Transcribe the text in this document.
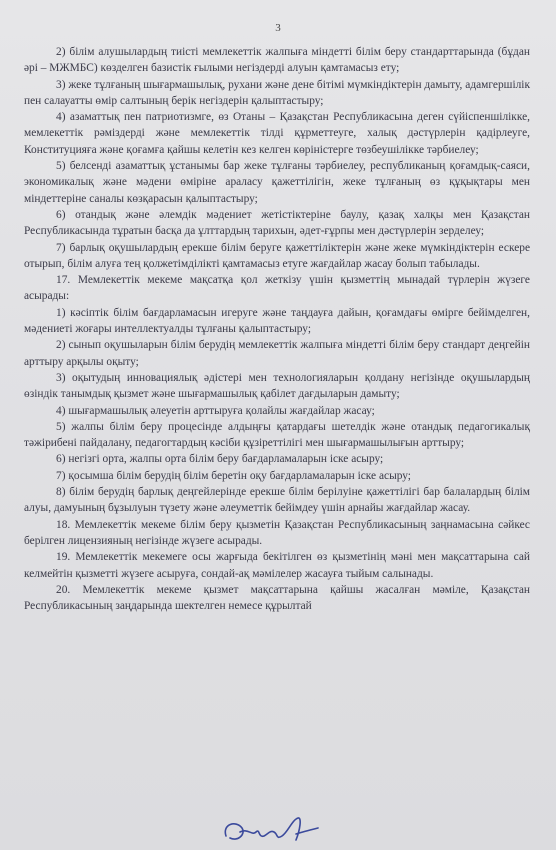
3

2) білім алушылардың тиісті мемлекеттік жалпыға міндетті білім беру стандарттарында (бұдан әрі – МЖМБС) көзделген базистік ғылыми негіздерді алуын қамтамасыз ету;

3) жеке тұлғаның шығармашылық, рухани және дене бітімі мүмкіндіктерін дамыту, адамгершілік пен салауатты өмір салтының берік негіздерін қалыптастыру;

4) азаматтық пен патриотизмге, өз Отаны – Қазақстан Республикасына деген сүйіспеншілікке, мемлекеттік рәміздерді және мемлекеттік тілді құрметтеуге, халық дәстүрлерін қадірлеуге, Конституцияға және қоғамға қайшы келетін кез келген көріністерге төзбеушілікке тәрбиелеу;

5) белсенді азаматтық ұстанымы бар жеке тұлғаны тәрбиелеу, республиканың қоғамдық-саяси, экономикалық және мәдени өміріне араласу қажеттілігін, жеке тұлғаның өз құқықтары мен міндеттеріне саналы көзқарасын қалыптастыру;

6) отандық және әлемдік мәдениет жетістіктеріне баулу, қазақ халқы мен Қазақстан Республикасында тұратын басқа да ұлттардың тарихын, әдет-ғұрпы мен дәстүрлерін зерделеу;

7) барлық оқушылардың ерекше білім беруге қажеттіліктерін және жеке мүмкіндіктерін ескере отырып, білім алуға тең қолжетімділікті қамтамасыз етуге жағдайлар жасау болып табылады.

17. Мемлекеттік мекеме мақсатқа қол жеткізу үшін қызметтің мынадай түрлерін жүзеге асырады:

1) кәсіптік білім бағдарламасын игеруге және таңдауға дайын, қоғамдағы өмірге бейімделген, мәдениеті жоғары интеллектуалды тұлғаны қалыптастыру;

2) сынып оқушыларын білім берудің мемлекеттік жалпыға міндетті білім беру стандарт деңгейін арттыру арқылы оқыту;

3) оқытудың инновациялық әдістері мен технологияларын қолдану негізінде оқушылардың өзіндік танымдық қызмет және шығармашылық қабілет дағдыларын дамыту;

4) шығармашылық әлеуетін арттыруға қолайлы жағдайлар жасау;

5) жалпы білім беру процесінде алдыңғы қатардағы шетелдік және отандық педагогикалық тәжірибені пайдалану, педагогтардың кәсіби құзіреттілігі мен шығармашылығын арттыру;

6) негізгі орта, жалпы орта білім беру бағдарламаларын іске асыру;

7) қосымша білім берудің білім беретін оқу бағдарламаларын іске асыру;

8) білім берудің барлық деңгейлерінде ерекше білім берілуіне қажеттілігі бар балалардың білім алуы, дамуының бұзылуын түзету және әлеуметтік бейімдеу үшін арнайы жағдайлар жасау.

18. Мемлекеттік мекеме білім беру қызметін Қазақстан Республикасының заңнамасына сәйкес берілген лицензияның негізінде жүзеге асырады.

19. Мемлекеттік мекемеге осы жарғыда бекітілген өз қызметінің мәні мен мақсаттарына сай келмейтін қызметті жүзеге асыруға, сондай-ақ мәмілелер жасауға тыйым салынады.

20. Мемлекеттік мекеме қызмет мақсаттарына қайшы жасалған мәміле, Қазақстан Республикасының заңдарында шектелген немесе құрылтай
